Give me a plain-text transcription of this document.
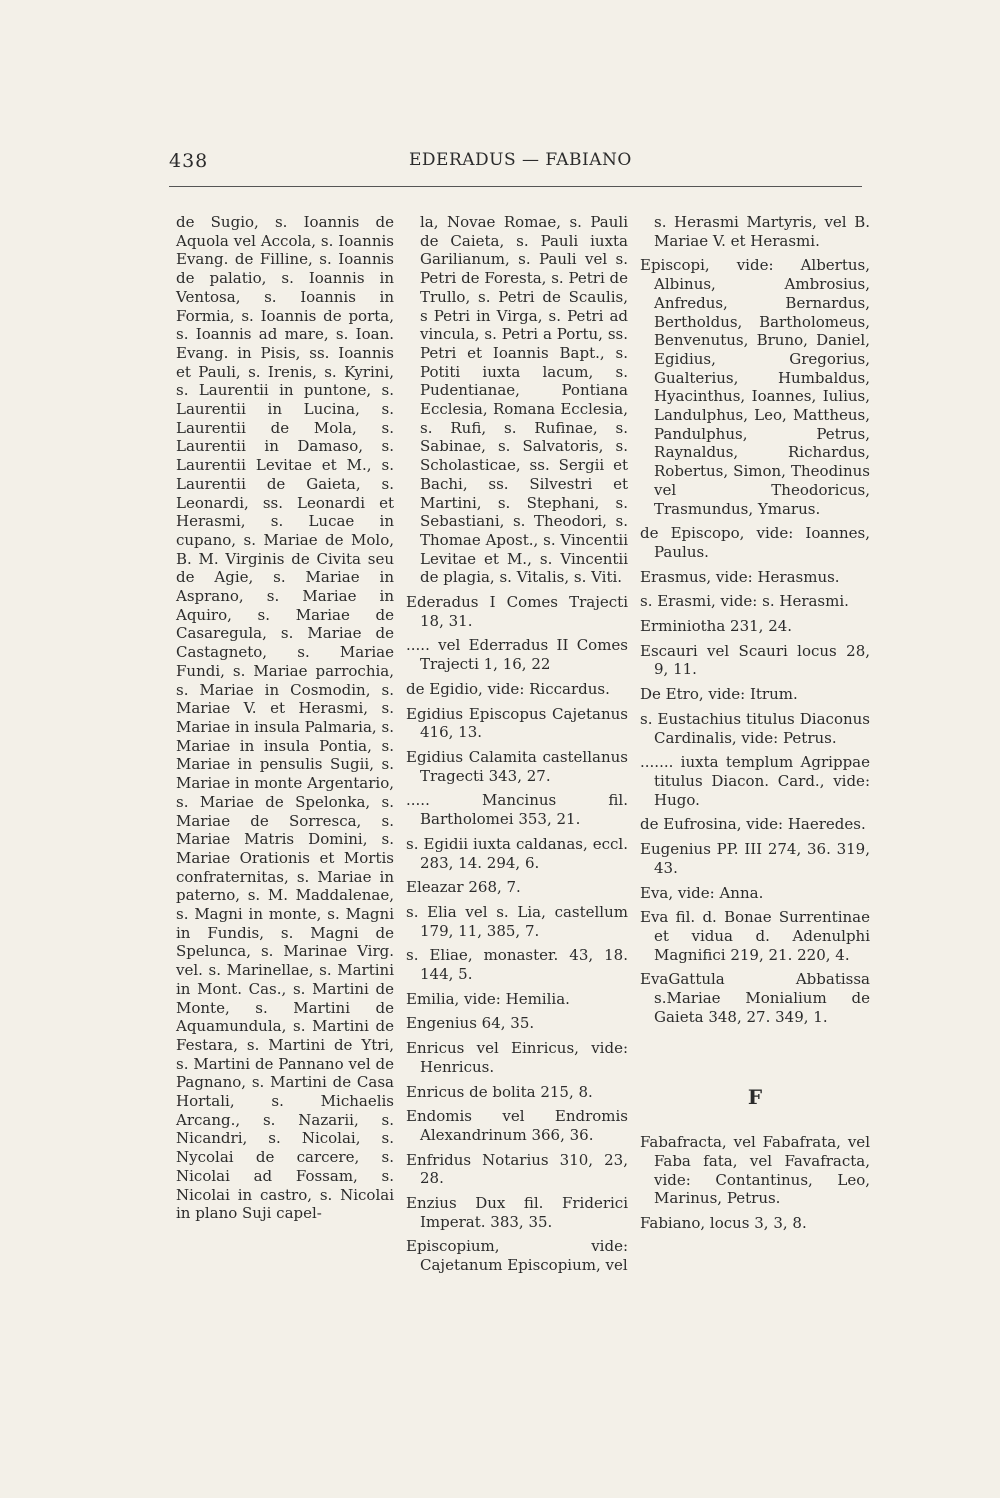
438	EDERADUS — FABIANO

de Sugio, s. Ioannis de Aquola vel Accola, s. Ioannis Evang. de Filline, s. Ioannis de palatio, s. Ioannis in Ventosa, s. Ioannis in Formia, s. Ioannis de porta, s. Ioannis ad mare, s. Ioan. Evang. in Pisis, ss. Ioannis et Pauli, s. Irenis, s. Kyrini, s. Laurentii in puntone, s. Laurentii in Lucina, s. Laurentii de Mola, s. Laurentii in Damaso, s. Laurentii Levitae et M., s. Laurentii de Gaieta, s. Leonardi, ss. Leonardi et Herasmi, s. Lucae in cupano, s. Mariae de Molo, B. M. Virginis de Civita seu de Agie, s. Mariae in Asprano, s. Mariae in Aquiro, s. Mariae de Casaregula, s. Mariae de Castagneto, s. Mariae Fundi, s. Mariae parrochia, s. Mariae in Cosmodin, s. Mariae V. et Herasmi, s. Mariae in insula Palmaria, s. Mariae in insula Pontia, s. Mariae in pensulis Sugii, s. Mariae in monte Argentario, s. Mariae de Spelonka, s. Mariae de Sorresca, s. Mariae Matris Domini, s. Mariae Orationis et Mortis confraternitas, s. Mariae in paterno, s. M. Maddalenae, s. Magni in monte, s. Magni in Fundis, s. Magni de Spelunca, s. Marinae Virg. vel. s. Marinellae, s. Martini in Mont. Cas., s. Martini de Monte, s. Martini de Aquamundula, s. Martini de Festara, s. Martini de Ytri, s. Martini de Pannano vel de Pagnano, s. Martini de Casa Hortali, s. Michaelis Arcang., s. Nazarii, s. Nicandri, s. Nicolai, s. Nycolai de carcere, s. Nicolai ad Fossam, s. Nicolai in castro, s. Nicolai in plano Suji capel-

la, Novae Romae, s. Pauli de Caieta, s. Pauli iuxta Garilianum, s. Pauli vel s. Petri de Foresta, s. Petri de Trullo, s. Petri de Scaulis, s Petri in Virga, s. Petri ad vincula, s. Petri a Portu, ss. Petri et Ioannis Bapt., s. Potiti iuxta lacum, s. Pudentianae, Pontiana Ecclesia, Romana Ecclesia, s. Rufi, s. Rufinae, s. Sabinae, s. Salvatoris, s. Scholasticae, ss. Sergii et Bachi, ss. Silvestri et Martini, s. Stephani, s. Sebastiani, s. Theodori, s. Thomae Apost., s. Vincentii Levitae et M., s. Vincentii de plagia, s. Vitalis, s. Viti.

Ederadus I Comes Trajecti 18, 31.

..... vel Ederradus II Comes Trajecti 1, 16, 22

de Egidio, vide: Riccardus.

Egidius Episcopus Cajetanus 416, 13.

Egidius Calamita castellanus Tragecti 343, 27.

..... Mancinus fil. Bartholomei 353, 21.

s. Egidii iuxta caldanas, eccl. 283, 14. 294, 6.

Eleazar 268, 7.

s. Elia vel s. Lia, castellum 179, 11, 385, 7.

s. Eliae, monaster. 43, 18. 144, 5.

Emilia, vide: Hemilia.

Engenius 64, 35.

Enricus vel Einricus, vide: Henricus.

Enricus de bolita 215, 8.

Endomis vel Endromis Alexandrinum 366, 36.

Enfridus Notarius 310, 23, 28.

Enzius Dux fil. Friderici Imperat. 383, 35.

Episcopium, vide: Cajetanum Episcopium, vel

s. Herasmi Martyris, vel B. Mariae V. et Herasmi.

Episcopi, vide: Albertus, Albinus, Ambrosius, Anfredus, Bernardus, Bertholdus, Bartholomeus, Benvenutus, Bruno, Daniel, Egidius, Gregorius, Gualterius, Humbaldus, Hyacinthus, Ioannes, Iulius, Landulphus, Leo, Mattheus, Pandulphus, Petrus, Raynaldus, Richardus, Robertus, Simon, Theodinus vel Theodoricus, Trasmundus, Ymarus.

de Episcopo, vide: Ioannes, Paulus.

Erasmus, vide: Herasmus.

s. Erasmi, vide: s. Herasmi.

Erminiotha 231, 24.

Escauri vel Scauri locus 28, 9, 11.

De Etro, vide: Itrum.

s. Eustachius titulus Diaconus Cardinalis, vide: Petrus.

....... iuxta templum Agrippae titulus Diacon. Card., vide: Hugo.

de Eufrosina, vide: Haeredes.

Eugenius PP. III 274, 36. 319, 43.

Eva, vide: Anna.

Eva fil. d. Bonae Surrentinae et vidua d. Adenulphi Magnifici 219, 21. 220, 4.

EvaGattula Abbatissa s.Mariae Monialium de Gaieta 348, 27. 349, 1.

F

Fabafracta, vel Fabafrata, vel Faba fata, vel Favafracta, vide: Contantinus, Leo, Marinus, Petrus.

Fabiano, locus 3, 3, 8.
